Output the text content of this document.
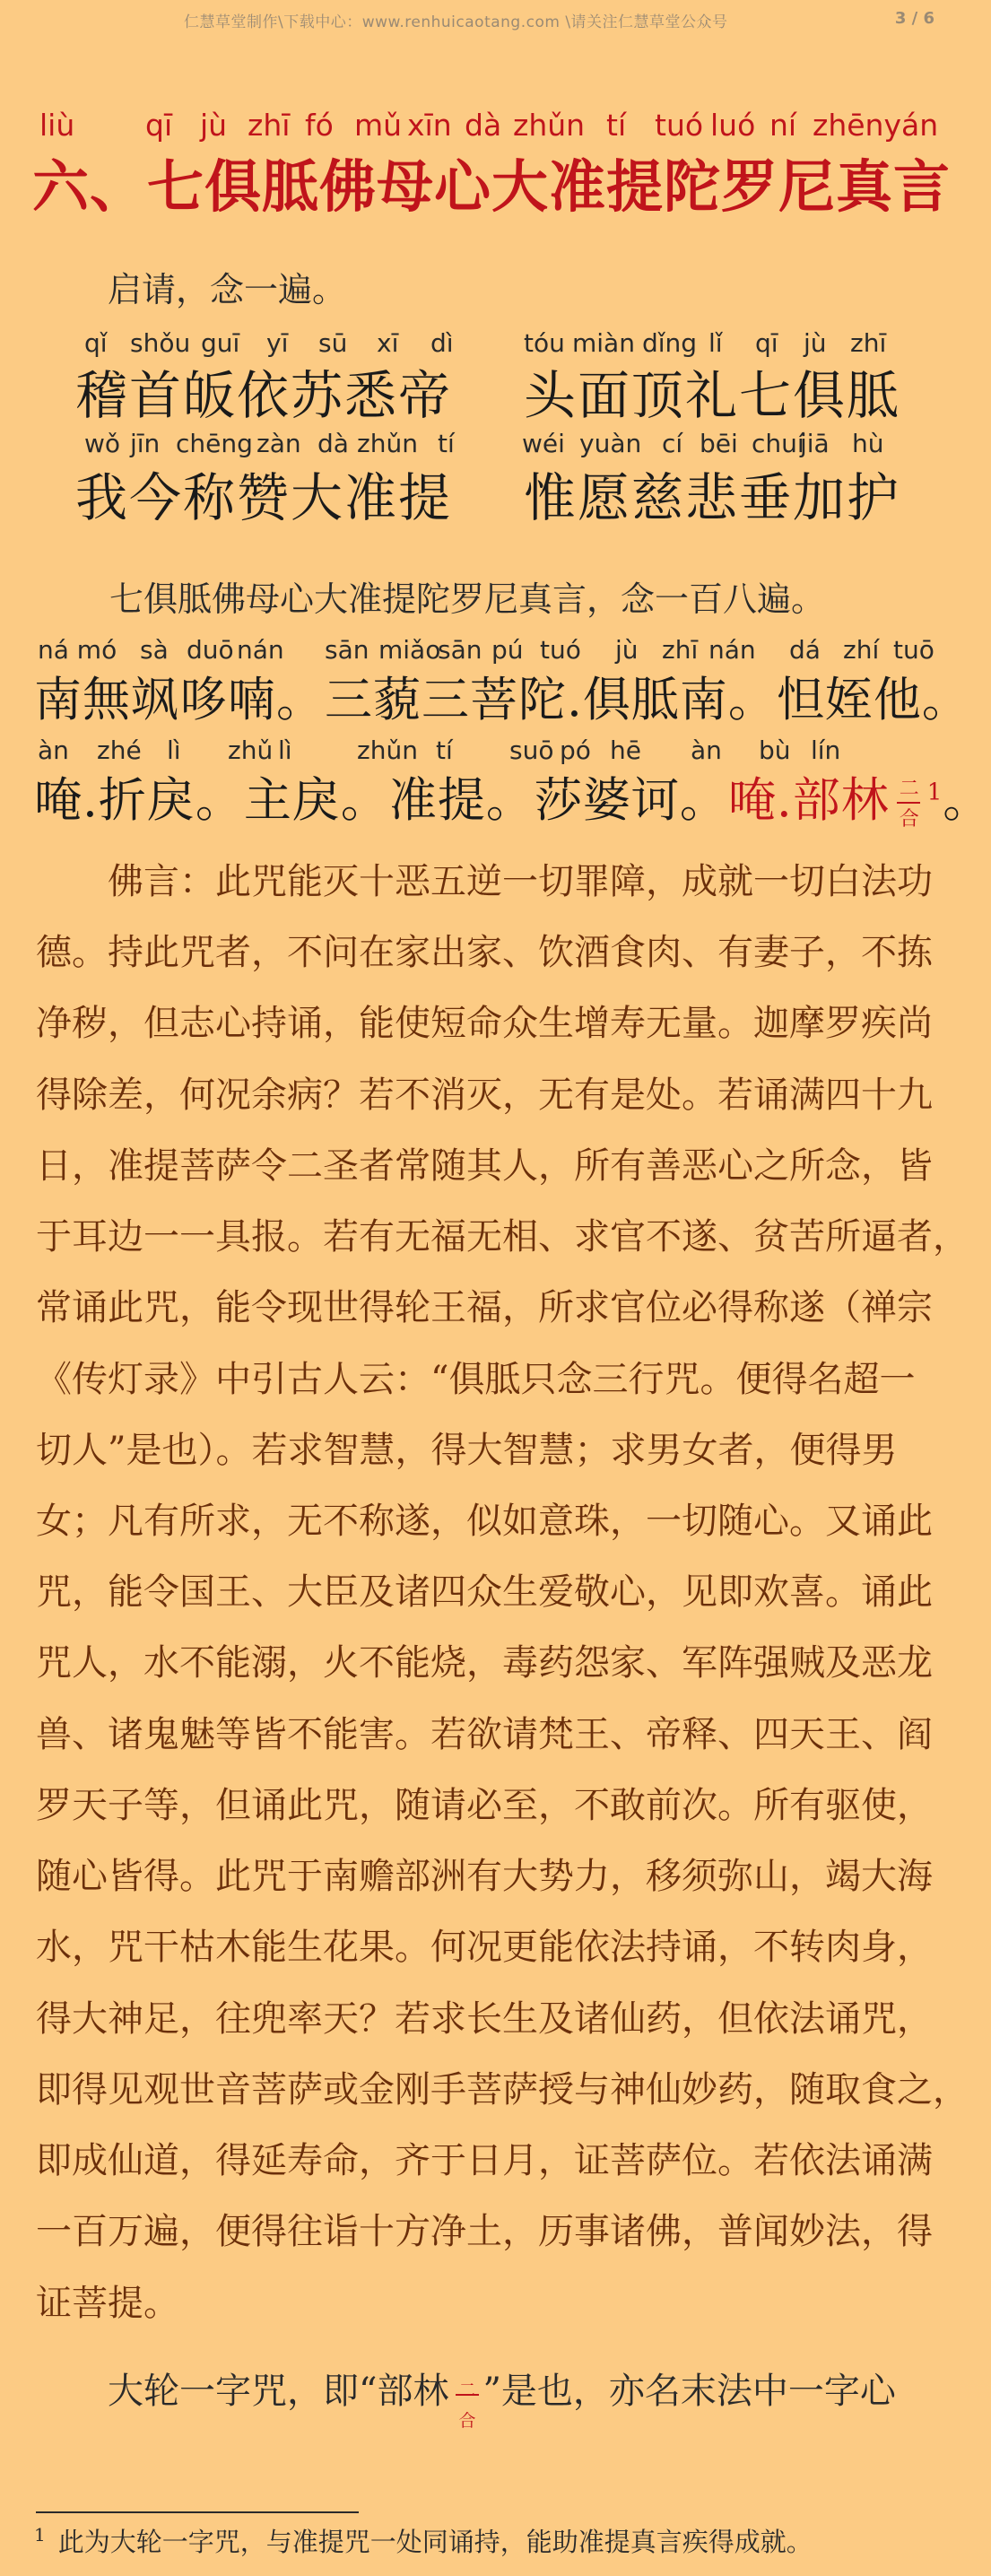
仁慧草堂制作\下载中心：www.renhuicaotang.com \请关注仁慧草堂公众号	3 / 6
liù qī jù zhī fó mǔ xīn dà zhǔn tí tuó luó ní zhēnyán
六、七俱胝佛母心大准提陀罗尼真言
启请，念一遍。
qǐ shǒu guī yī sū xī dì	tóu miàn dǐng lǐ qī jù zhī
稽首皈依苏悉帝 头面顶礼七俱胝
wǒ jīn chēng zàn dà zhǔn tí	wéi yuàn cí bēi chuí
jiā hù
我今称赞大准提 惟愿慈悲垂加护
七俱胝佛母心大准提陀罗尼真言，念一百八遍。
ná mó sà duō nán sān miǎo
sān pú tuó jù zhī nán dá zhí tuō
南無飒哆喃。三藐三菩陀.俱胝南。怛姪他。
àn zhé lì zhǔ lì	zhǔn tí suō pó hē àn bù lín
唵.折戾。主戾。准提。莎婆诃。唵.部林 二
合
$^1$。
佛言：此咒能灭十恶五逆一切罪障，成就一切白法功
德。持此咒者，不问在家出家、饮酒食肉、有妻子，不拣
净秽，但志心持诵，能使短命众生增寿无量。迦摩罗疾尚
得除差，何况余病？若不消灭，无有是处。若诵满四十九
日，准提菩萨令二圣者常随其人，所有善恶心之所念，皆
于耳边一一具报。若有无福无相、求官不遂、贫苦所逼者，
常诵此咒，能令现世得轮王福，所求官位必得称遂（禅宗
《传灯录》中引古人云：“俱胝只念三行咒。便得名超一
切人”是也）。若求智慧，得大智慧；求男女者，便得男
女；凡有所求，无不称遂，似如意珠，一切随心。又诵此
咒，能令国王、大臣及诸四众生爱敬心，见即欢喜。诵此
咒人，水不能溺，火不能烧，毒药怨家、军阵强贼及恶龙
兽、诸鬼魅等皆不能害。若欲请梵王、帝释、四天王、阎
罗天子等，但诵此咒，随请必至，不敢前次。所有驱使，
随心皆得。此咒于南赡部洲有大势力，移须弥山，竭大海
水，咒干枯木能生花果。何况更能依法持诵，不转肉身，
得大神足，往兜率天？若求长生及诸仙药，但依法诵咒，
即得见观世音菩萨或金刚手菩萨授与神仙妙药，随取食之，
即成仙道，得延寿命，齐于日月，证菩萨位。若依法诵满
一百万遍，便得往诣十方净土，历事诸佛，普闻妙法，得
证菩提。
大轮一字咒，即“部林 二
合
”是也，亦名末法中一字心
$^1$ 此为大轮一字咒，与准提咒一处同诵持，能助准提真言疾得成就。
